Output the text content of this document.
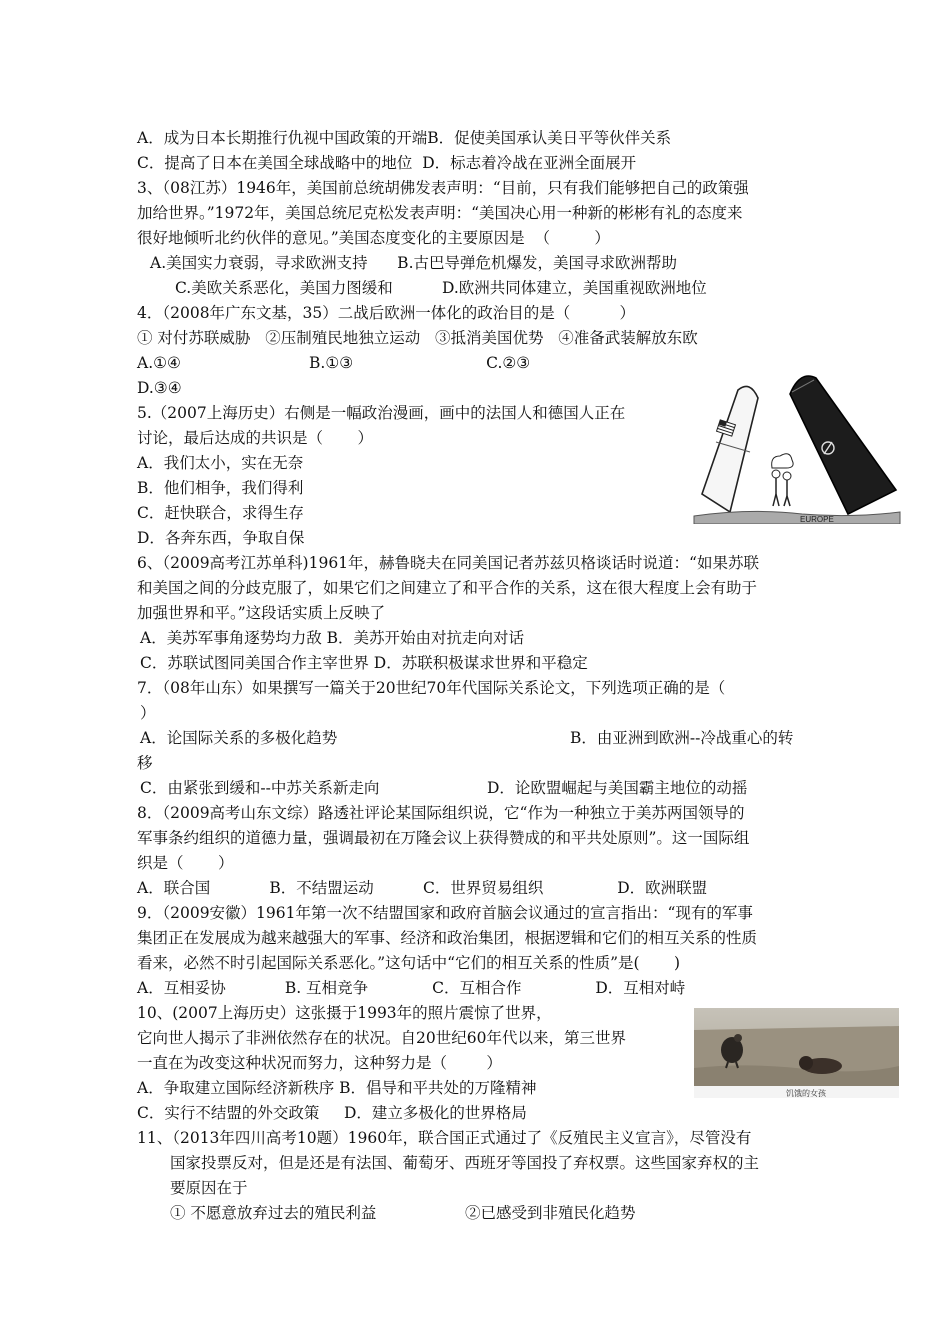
A．成为日本长期推行仇视中国政策的开端B．促使美国承认美日平等伙伴关系
C．提高了日本在美国全球战略中的地位  D．标志着冷战在亚洲全面展开
3、（08江苏）1946年，美国前总统胡佛发表声明：“目前，只有我们能够把自己的政策强
加给世界。”1972年，美国总统尼克松发表声明：“美国决心用一种新的彬彬有礼的态度来
很好地倾听北约伙伴的意见。”美国态度变化的主要原因是  （         ）
A.美国实力衰弱，寻求欧洲支持      B.古巴导弹危机爆发，美国寻求欧洲帮助
C.美欧关系恶化，美国力图缓和          D.欧洲共同体建立，美国重视欧洲地位
4．（2008年广东文基，35）二战后欧洲一体化的政治目的是（          ）
① 对付苏联威胁   ②压制殖民地独立运动   ③抵消美国优势   ④准备武装解放东欧
A.①④                          B.①③                           C.②③
D.③④
5.（2007上海历史）右侧是一幅政治漫画，画中的法国人和德国人正在
讨论，最后达成的共识是（       ）
A．我们太小，实在无奈
B．他们相争，我们得利
C．赶快联合，求得生存
D．各奔东西，争取自保
6、（2009高考江苏单科)1961年，赫鲁晓夫在同美国记者苏兹贝格谈话时说道：“如果苏联
和美国之间的分歧克服了，如果它们之间建立了和平合作的关系，这在很大程度上会有助于
加强世界和平。”这段话实质上反映了
A．美苏军事角逐势均力敌 B．美苏开始由对抗走向对话
C．苏联试图同美国合作主宰世界 D．苏联积极谋求世界和平稳定
7．（08年山东）如果撰写一篇关于20世纪70年代国际关系论文，下列选项正确的是（
）
A．论国际关系的多极化趋势	B．由亚洲到欧洲--冷战重心的转
移
C．由紧张到缓和--中苏关系新走向	D．论欧盟崛起与美国霸主地位的动摇
8．（2009高考山东文综）路透社评论某国际组织说，它“作为一种独立于美苏两国领导的
军事条约组织的道德力量，强调最初在万隆会议上获得赞成的和平共处原则”。这一国际组
织是（       ）
A．联合国            B．不结盟运动          C．世界贸易组织               D．欧洲联盟
9．（2009安徽）1961年第一次不结盟国家和政府首脑会议通过的宣言指出：“现有的军事
集团正在发展成为越来越强大的军事、经济和政治集团，根据逻辑和它们的相互关系的性质
看来，必然不时引起国际关系恶化。”这句话中“它们的相互关系的性质”是(       )
A．互相妥协            B. 互相竞争             C．互相合作               D．互相对峙
10、(2007上海历史）这张摄于1993年的照片震惊了世界，
它向世人揭示了非洲依然存在的状况。自20世纪60年代以来，第三世界
一直在为改变这种状况而努力，这种努力是（        ）
A．争取建立国际经济新秩序 B．倡导和平共处的万隆精神
C．实行不结盟的外交政策     D．建立多极化的世界格局
11、（2013年四川高考10题）1960年，联合国正式通过了《反殖民主义宣言》，尽管没有
国家投票反对，但是还是有法国、葡萄牙、西班牙等国投了弃权票。这些国家弃权的主
要原因在于
① 不愿意放弃过去的殖民利益	②已感受到非殖民化趋势
EUROPE
饥饿的女孩
